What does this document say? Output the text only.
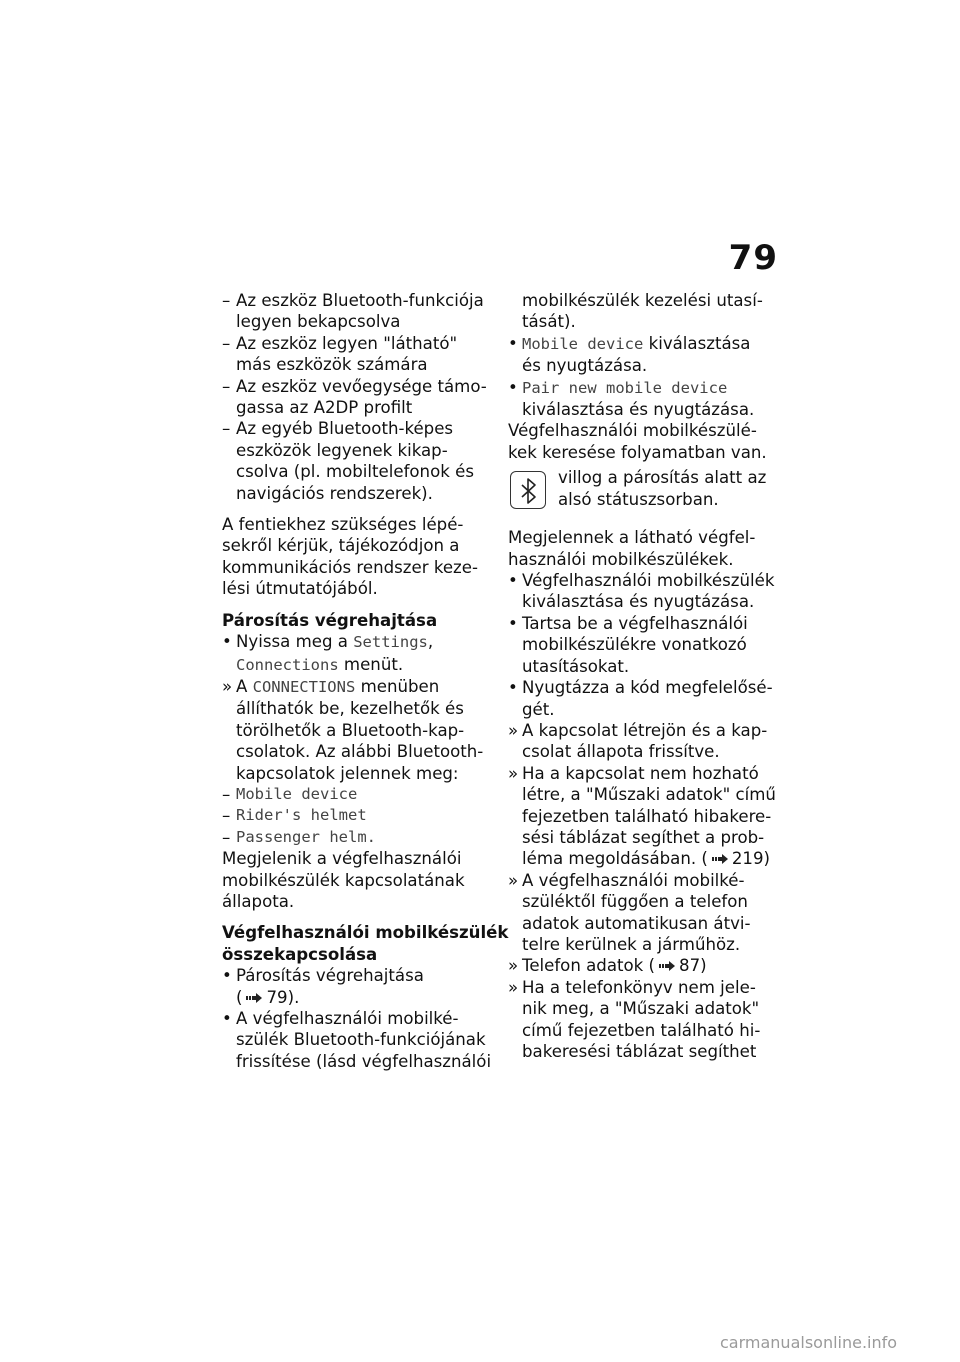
79
– Az eszköz Bluetooth-funkciója
legyen bekapcsolva
– Az eszköz legyen "látható"
más eszközök számára
– Az eszköz vevőegysége támo-
gassa az A2DP profilt
– Az egyéb Bluetooth-képes
eszközök legyenek kikap-
csolva (pl. mobiltelefonok és
navigációs rendszerek).
A fentiekhez szükséges lépé-
sekről kérjük, tájékozódjon a
kommunikációs rendszer keze-
lési útmutatójából.
Párosítás végrehajtása
• Nyissa meg a Settings,
Connections menüt.
» A CONNECTIONS menüben
állíthatók be, kezelhetők és
törölhetők a Bluetooth-kap-
csolatok. Az alábbi Bluetooth-
kapcsolatok jelennek meg:
– Mobile device
– Rider's helmet
– Passenger helm.
Megjelenik a végfelhasználói
mobilkészülék kapcsolatának
állapota.
Végfelhasználói mobilkészülék
összekapcsolása
• Párosítás végrehajtása
( 79).
• A végfelhasználói mobilké-
szülék Bluetooth-funkciójának
frissítése (lásd végfelhasználói
mobilkészülék kezelési utasí-
tását).
• Mobile device kiválasztása
és nyugtázása.
• Pair new mobile device
kiválasztása és nyugtázása.
Végfelhasználói mobilkészülé-
kek keresése folyamatban van.
villog a párosítás alatt az
alsó státuszsorban.
Megjelennek a látható végfel-
használói mobilkészülékek.
• Végfelhasználói mobilkészülék
kiválasztása és nyugtázása.
• Tartsa be a végfelhasználói
mobilkészülékre vonatkozó
utasításokat.
• Nyugtázza a kód megfelelősé-
gét.
» A kapcsolat létrejön és a kap-
csolat állapota frissítve.
» Ha a kapcsolat nem hozható
létre, a "Műszaki adatok" című
fejezetben található hibakere-
sési táblázat segíthet a prob-
léma megoldásában. ( 219)
» A végfelhasználói mobilké-
szüléktől függően a telefon
adatok automatikusan átvi-
telre kerülnek a járműhöz.
» Telefon adatok ( 87)
» Ha a telefonkönyv nem jele-
nik meg, a "Műszaki adatok"
című fejezetben található hi-
bakeresési táblázat segíthet
carmanualsonline.info
